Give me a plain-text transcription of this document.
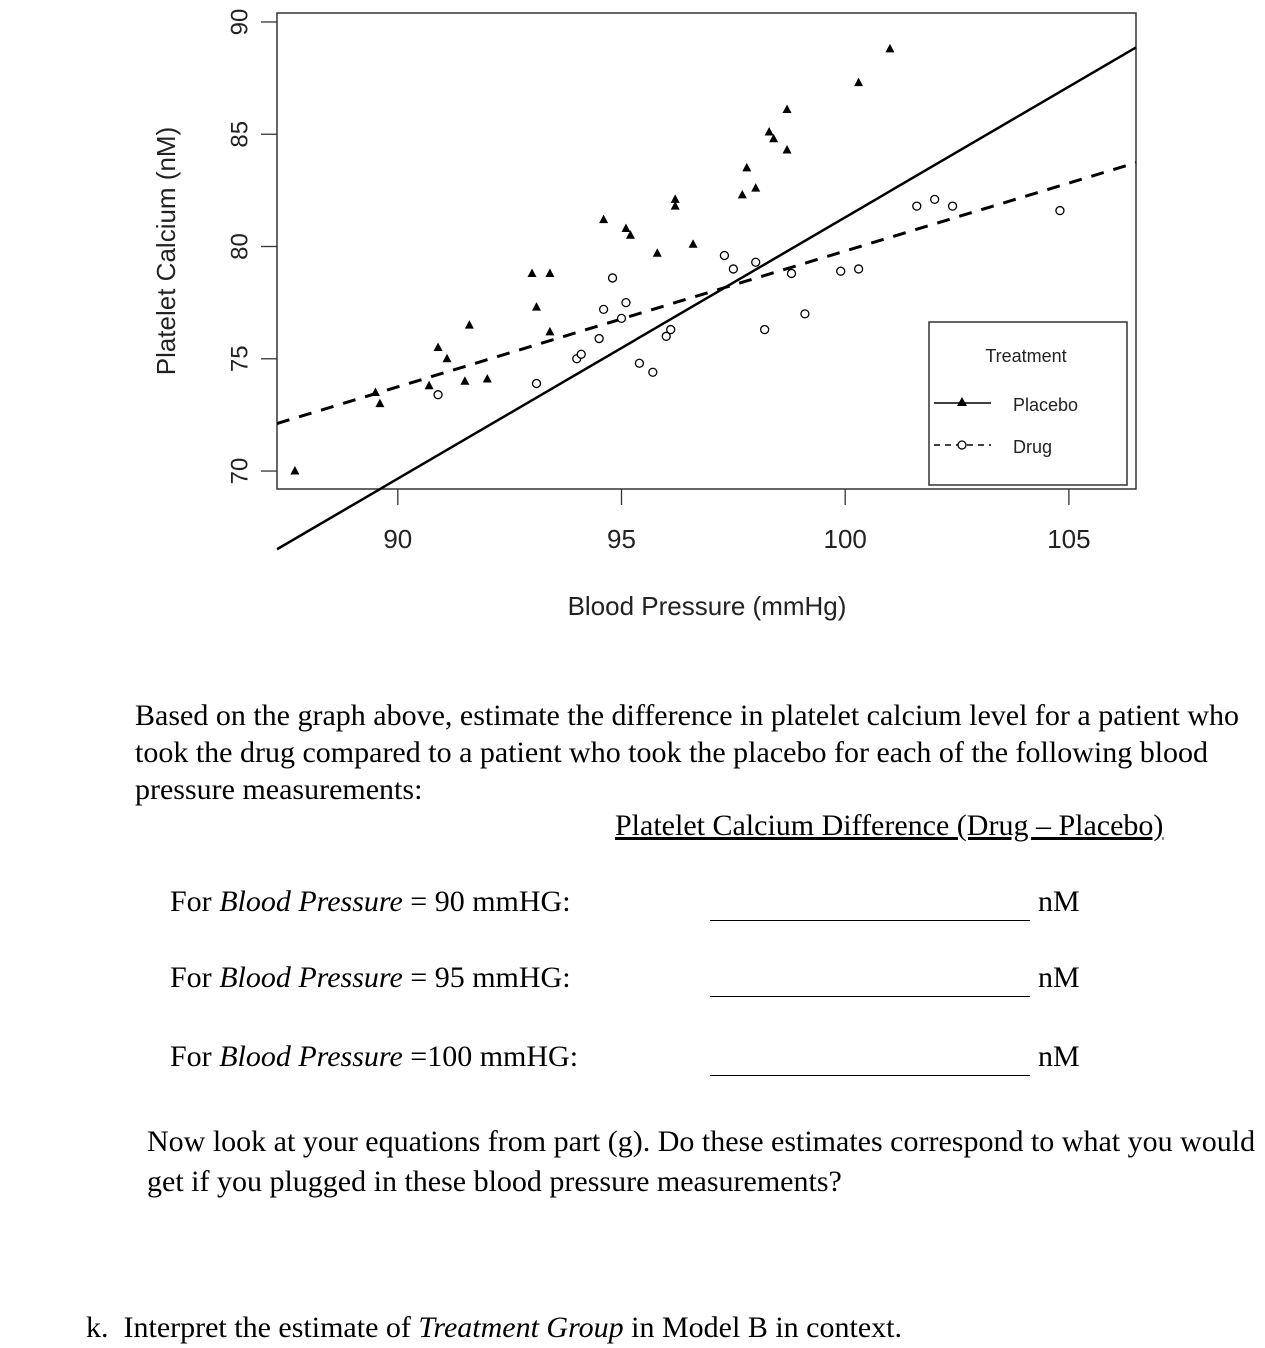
90	95	100	105
70
75
80
85
90
Blood Pressure (mmHg)
Platelet Calcium (nM)	Treatment
Placebo
Drug
Based on the graph above, estimate the difference in platelet calcium level for a patient who took the drug compared to a patient who took the placebo for each of the following blood pressure measurements:
Platelet Calcium Difference (Drug – Placebo)
For Blood Pressure = 90 mmHG:	nM
For Blood Pressure = 95 mmHG:	nM
For Blood Pressure =100 mmHG:	nM
Now look at your equations from part (g). Do these estimates correspond to what you would get if you plugged in these blood pressure measurements?
k. Interpret the estimate of Treatment Group in Model B in context.
